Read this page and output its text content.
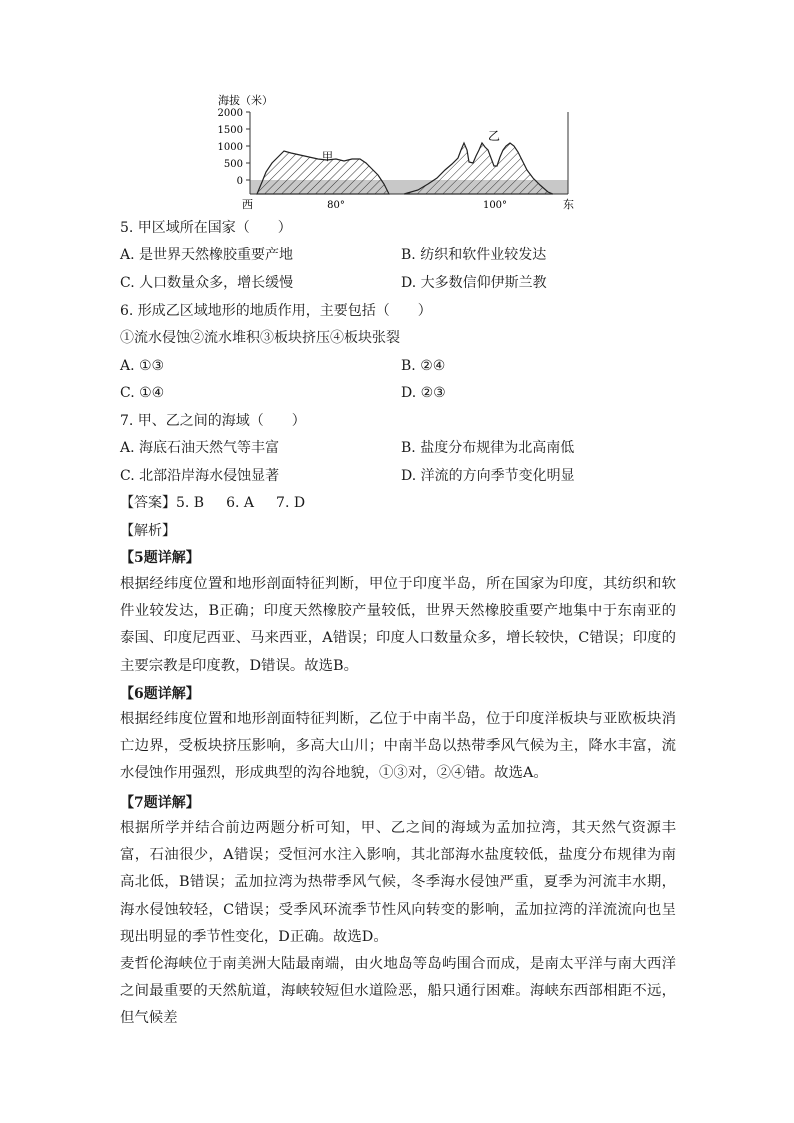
海拔（米）
2000
1500
1000
500
0
甲
乙
西	80°	100°	东
5. 甲区域所在国家（　　）
A. 是世界天然橡胶重要产地	B. 纺织和软件业较发达
C. 人口数量众多，增长缓慢	D. 大多数信仰伊斯兰教
6. 形成乙区域地形的地质作用，主要包括（　　）
①流水侵蚀②流水堆积③板块挤压④板块张裂
A. ①③	B. ②④
C. ①④	D. ②③
7. 甲、乙之间的海域（　　）
A. 海底石油天然气等丰富	B. 盐度分布规律为北高南低
C. 北部沿岸海水侵蚀显著	D. 洋流的方向季节变化明显
【答案】5. B 6. A 7. D
【解析】
【5题详解】
根据经纬度位置和地形剖面特征判断，甲位于印度半岛，所在国家为印度，其纺织和软件业较发达，B正确；印度天然橡胶产量较低，世界天然橡胶重要产地集中于东南亚的泰国、印度尼西亚、马来西亚，A错误；印度人口数量众多，增长较快，C错误；印度的主要宗教是印度教，D错误。故选B。
【6题详解】
根据经纬度位置和地形剖面特征判断，乙位于中南半岛，位于印度洋板块与亚欧板块消亡边界，受板块挤压影响，多高大山川；中南半岛以热带季风气候为主，降水丰富，流水侵蚀作用强烈，形成典型的沟谷地貌，①③对，②④错。故选A。
【7题详解】
根据所学并结合前边两题分析可知，甲、乙之间的海域为孟加拉湾，其天然气资源丰富，石油很少，A错误；受恒河水注入影响，其北部海水盐度较低，盐度分布规律为南高北低，B错误；孟加拉湾为热带季风气候，冬季海水侵蚀严重，夏季为河流丰水期，海水侵蚀较轻，C错误；受季风环流季节性风向转变的影响，孟加拉湾的洋流流向也呈现出明显的季节性变化，D正确。故选D。
麦哲伦海峡位于南美洲大陆最南端，由火地岛等岛屿围合而成，是南太平洋与南大西洋之间最重要的天然航道，海峡较短但水道险恶，船只通行困难。海峡东西部相距不远，但气候差
